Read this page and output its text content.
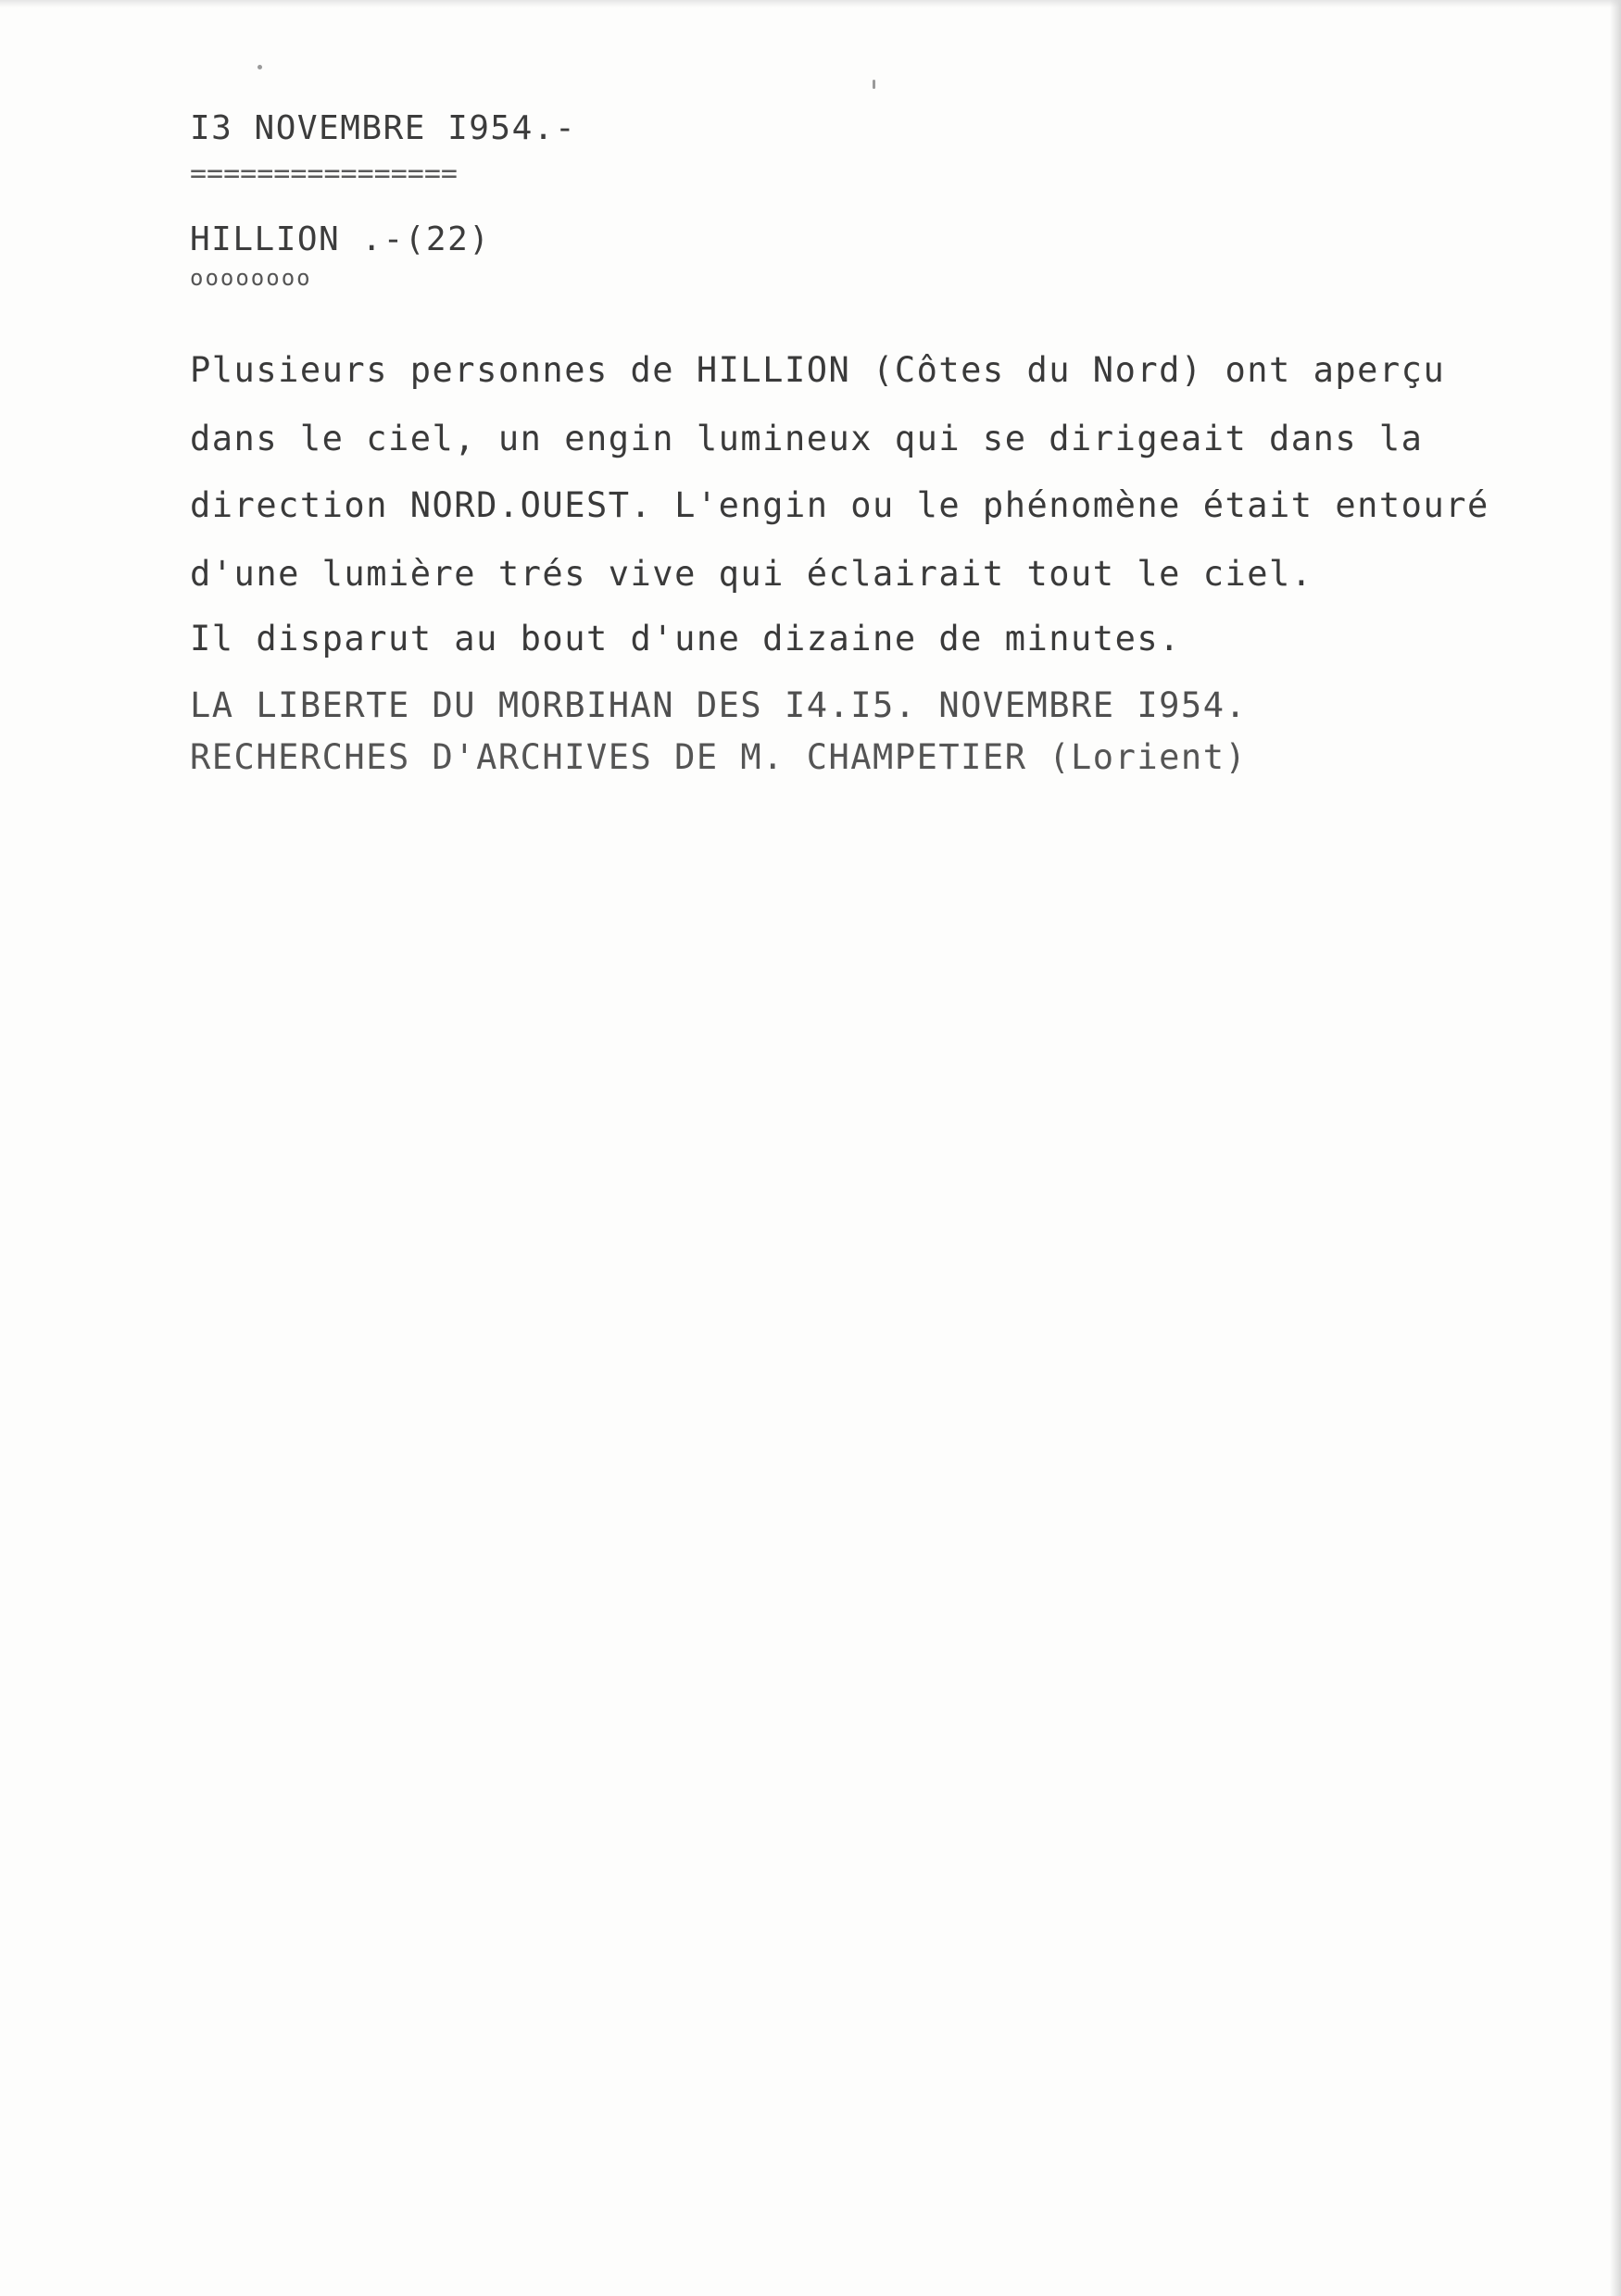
I3 NOVEMBRE I954.-
================
HILLION .-(22)
oooooooo
Plusieurs personnes de HILLION (Côtes du Nord) ont aperçu
dans le ciel, un engin lumineux qui se dirigeait dans la
direction NORD.OUEST. L'engin ou le phénomène était entouré
d'une lumière trés vive qui éclairait tout le ciel.
Il disparut au bout d'une dizaine de minutes.
LA LIBERTE DU MORBIHAN DES I4.I5. NOVEMBRE I954.
RECHERCHES D'ARCHIVES DE M. CHAMPETIER (Lorient)
